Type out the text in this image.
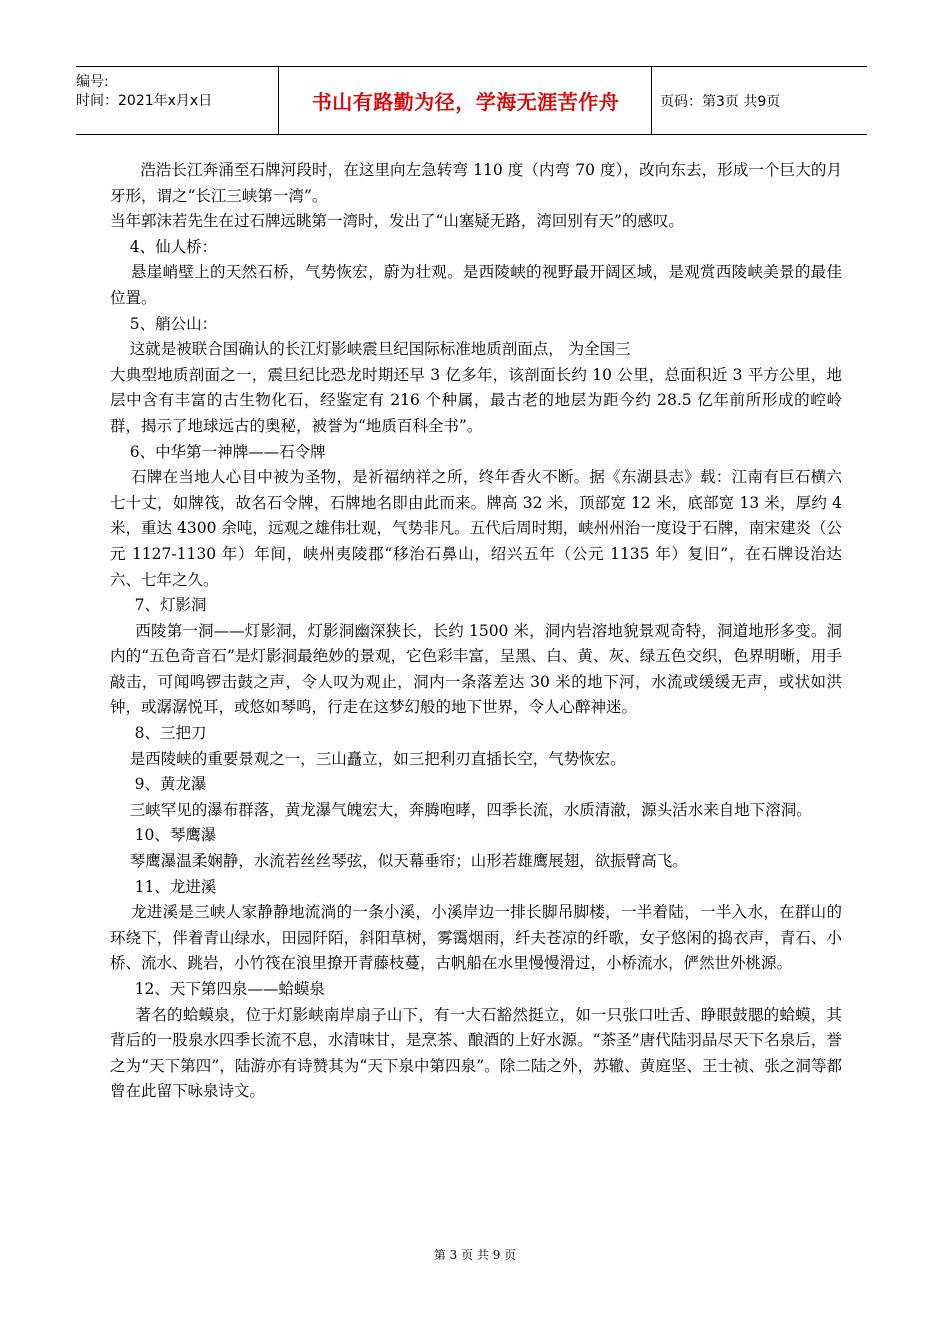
编号:
时间：2021年x月x日	书山有路勤为径，学海无涯苦作舟	页码：第3页 共9页

浩浩长江奔涌至石牌河段时，在这里向左急转弯 110 度（内弯 70 度），改向东去，形成一个巨大的月牙形，谓之“长江三峡第一湾”。

当年郭沫若先生在过石牌远眺第一湾时，发出了“山塞疑无路，湾回别有天”的感叹。

4、仙人桥：

悬崖峭壁上的天然石桥，气势恢宏，蔚为壮观。是西陵峡的视野最开阔区域，是观赏西陵峡美景的最佳位置。

5、艄公山：

这就是被联合国确认的长江灯影峡震旦纪国际标准地质剖面点， 为全国三

大典型地质剖面之一，震旦纪比恐龙时期还早 3 亿多年，该剖面长约 10 公里，总面积近 3 平方公里，地层中含有丰富的古生物化石，经鉴定有 216 个种属，最古老的地层为距今约 28.5 亿年前所形成的崆岭群，揭示了地球远古的奥秘，被誉为“地质百科全书”。

6、中华第一神牌——石令牌

石牌在当地人心目中被为圣物，是祈福纳祥之所，终年香火不断。据《东湖县志》载：江南有巨石横六七十丈，如牌筏，故名石令牌，石牌地名即由此而来。牌高 32 米，顶部宽 12 米，底部宽 13 米，厚约 4 米，重达 4300 余吨，远观之雄伟壮观，气势非凡。五代后周时期，峡州州治一度设于石牌，南宋建炎（公元 1127-1130 年）年间，峡州夷陵郡“移治石鼻山，绍兴五年（公元 1135 年）复旧”，在石牌设治达六、七年之久。

7、灯影洞

西陵第一洞——灯影洞，灯影洞幽深狭长，长约 1500 米，洞内岩溶地貌景观奇特，洞道地形多变。洞内的“五色奇音石”是灯影洞最绝妙的景观，它色彩丰富，呈黑、白、黄、灰、绿五色交织，色界明晰，用手敲击，可闻鸣锣击鼓之声，令人叹为观止，洞内一条落差达 30 米的地下河，水流或缓缓无声，或状如洪钟，或潺潺悦耳，或悠如琴鸣，行走在这梦幻般的地下世界，令人心醉神迷。

8、三把刀

是西陵峡的重要景观之一，三山矗立，如三把利刃直插长空，气势恢宏。

9、黄龙瀑

三峡罕见的瀑布群落，黄龙瀑气魄宏大，奔腾咆哮，四季长流，水质清澈，源头活水来自地下溶洞。

10、琴鹰瀑

琴鹰瀑温柔娴静，水流若丝丝琴弦，似天幕垂帘；山形若雄鹰展翅，欲振臂高飞。

11、龙进溪

龙进溪是三峡人家静静地流淌的一条小溪，小溪岸边一排长脚吊脚楼，一半着陆，一半入水，在群山的环绕下，伴着青山绿水，田园阡陌，斜阳草树，雾霭烟雨，纤夫苍凉的纤歌，女子悠闲的捣衣声，青石、小桥、流水、跳岩，小竹筏在浪里撩开青藤枝蔓，古帆船在水里慢慢滑过，小桥流水，俨然世外桃源。

12、天下第四泉——蛤蟆泉

著名的蛤蟆泉，位于灯影峡南岸扇子山下，有一大石豁然挺立，如一只张口吐舌、睁眼鼓腮的蛤蟆，其背后的一股泉水四季长流不息，水清味甘，是烹茶、酿酒的上好水源。“茶圣”唐代陆羽品尽天下名泉后，誉之为“天下第四”，陆游亦有诗赞其为“天下泉中第四泉”。除二陆之外，苏辙、黄庭坚、王士祯、张之洞等都曾在此留下咏泉诗文。

第 3 页 共 9 页
